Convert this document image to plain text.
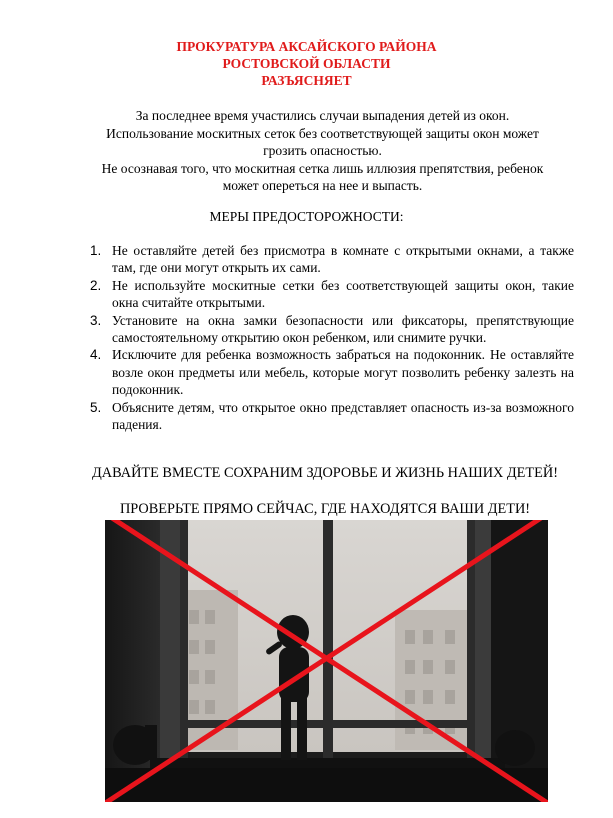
ПРОКУРАТУРА АКСАЙСКОГО РАЙОНА
РОСТОВСКОЙ ОБЛАСТИ
РАЗЪЯСНЯЕТ
За последнее время участились случаи выпадения детей из окон.
Использование москитных сеток без соответствующей защиты окон может
грозить опасностью.
Не осознавая того, что москитная сетка лишь иллюзия препятствия, ребенок
может опереться на нее и выпасть.
МЕРЫ ПРЕДОСТОРОЖНОСТИ:
1. Не оставляйте детей без присмотра в комнате с открытыми окнами, а также там, где они могут открыть их сами.
2. Не используйте москитные сетки без соответствующей защиты окон, такие окна считайте открытыми.
3. Установите на окна замки безопасности или фиксаторы, препятствующие самостоятельному открытию окон ребенком, или снимите ручки.
4. Исключите для ребенка возможность забраться на подоконник. Не оставляйте возле окон предметы или мебель, которые могут позволить ребенку залезть на подоконник.
5. Объясните детям, что открытое окно представляет опасность из-за возможного падения.
ДАВАЙТЕ ВМЕСТЕ СОХРАНИМ ЗДОРОВЬЕ И ЖИЗНЬ НАШИХ ДЕТЕЙ!
ПРОВЕРЬТЕ ПРЯМО СЕЙЧАС, ГДЕ НАХОДЯТСЯ ВАШИ ДЕТИ!
